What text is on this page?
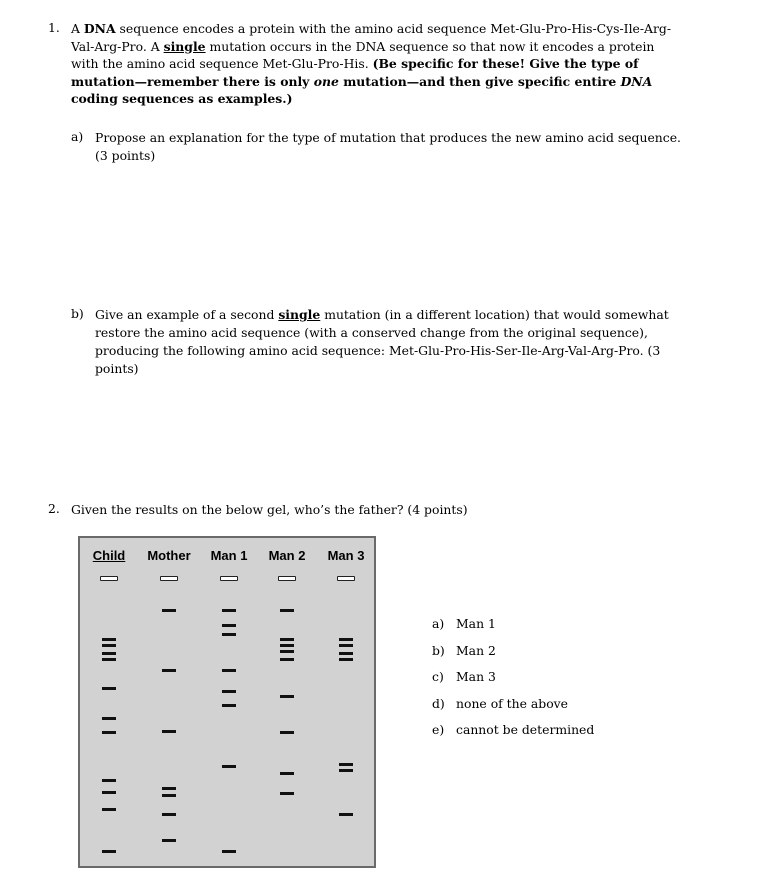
1. A DNA sequence encodes a protein with the amino acid sequence Met-Glu-Pro-His-Cys-Ile-Arg-Val-Arg-Pro. A single mutation occurs in the DNA sequence so that now it encodes a protein with the amino acid sequence Met-Glu-Pro-His. (Be specific for these! Give the type of mutation—remember there is only one mutation—and then give specific entire DNA coding sequences as examples.)
a) Propose an explanation for the type of mutation that produces the new amino acid sequence. (3 points)
b) Give an example of a second single mutation (in a different location) that would somewhat restore the amino acid sequence (with a conserved change from the original sequence), producing the following amino acid sequence: Met-Glu-Pro-His-Ser-Ile-Arg-Val-Arg-Pro. (3 points)
2. Given the results on the below gel, who’s the father? (4 points)
Child Mother Man 1 Man 2 Man 3
a) Man 1
b) Man 2
c) Man 3
d) none of the above
e) cannot be determined
